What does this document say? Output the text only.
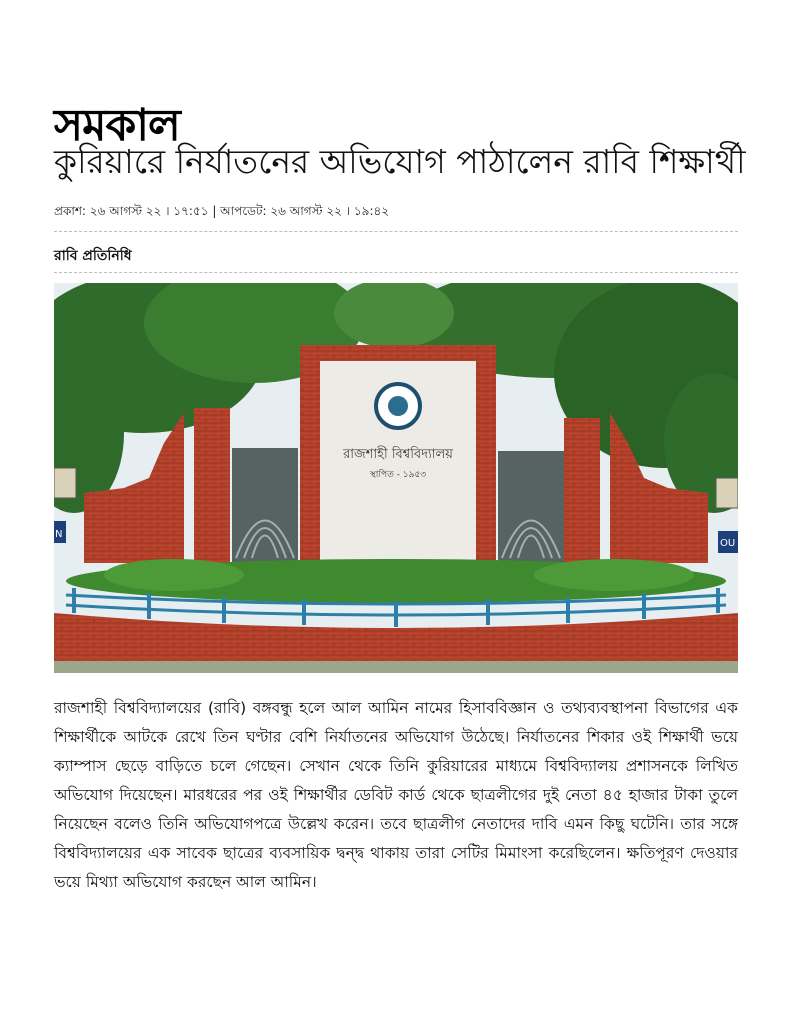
সমকাল
কুরিয়ারে নির্যাতনের অভিযোগ পাঠালেন রাবি শিক্ষার্থী
প্রকাশ: ২৬ আগস্ট ২২ । ১৭:৫১ | আপডেট: ২৬ আগস্ট ২২ । ১৯:৪২
রাবি প্রতিনিধি
রাজশাহী বিশ্ববিদ্যালয়
স্থাপিত - ১৯৫৩
N
OU
রাজশাহী বিশ্ববিদ্যালয়ের (রাবি) বঙ্গবন্ধু হলে আল আমিন নামের হিসাববিজ্ঞান ও তথ্যব্যবস্থাপনা বিভাগের এক শিক্ষার্থীকে আটকে রেখে তিন ঘণ্টার বেশি নির্যাতনের অভিযোগ উঠেছে। নির্যাতনের শিকার ওই শিক্ষার্থী ভয়ে ক্যাম্পাস ছেড়ে বাড়িতে চলে গেছেন। সেখান থেকে তিনি কুরিয়ারের মাধ্যমে বিশ্ববিদ্যালয় প্রশাসনকে লিখিত অভিযোগ দিয়েছেন। মারধরের পর ওই শিক্ষার্থীর ডেবিট কার্ড থেকে ছাত্রলীগের দুই নেতা ৪৫ হাজার টাকা তুলে নিয়েছেন বলেও তিনি অভিযোগপত্রে উল্লেখ করেন। তবে ছাত্রলীগ নেতাদের দাবি এমন কিছু ঘটেনি। তার সঙ্গে বিশ্ববিদ্যালয়ের এক সাবেক ছাত্রের ব্যবসায়িক দ্বন্দ্ব থাকায় তারা সেটির মিমাংসা করেছিলেন। ক্ষতিপূরণ দেওয়ার ভয়ে মিথ্যা অভিযোগ করছেন আল আমিন।
